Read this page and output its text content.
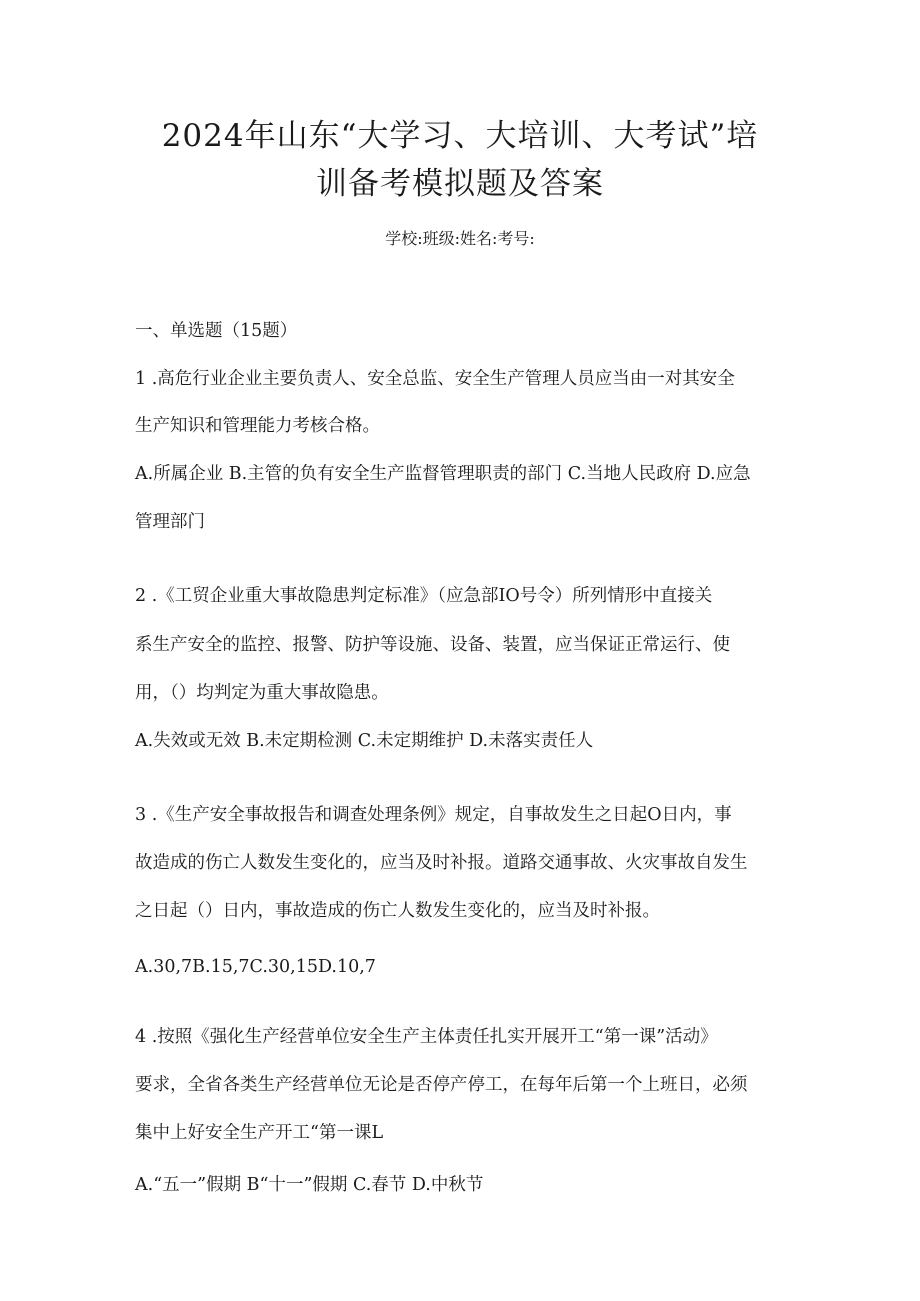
2024年山东“大学习、大培训、大考试”培
训备考模拟题及答案
学校:班级:姓名:考号:
一、单选题（15题）
1 .高危行业企业主要负责人、安全总监、安全生产管理人员应当由一对其安全
生产知识和管理能力考核合格。
A.所属企业 B.主管的负有安全生产监督管理职责的部门 C.当地人民政府 D.应急
管理部门
2 .《工贸企业重大事故隐患判定标准》（应急部IO号令）所列情形中直接关
系生产安全的监控、报警、防护等设施、设备、装置，应当保证正常运行、使
用，（）均判定为重大事故隐患。
A.失效或无效 B.未定期检测 C.未定期维护 D.未落实责任人
3 .《生产安全事故报告和调查处理条例》规定，自事故发生之日起O日内，事
故造成的伤亡人数发生变化的，应当及时补报。道路交通事故、火灾事故自发生
之日起（）日内，事故造成的伤亡人数发生变化的，应当及时补报。
A.30,7B.15,7C.30,15D.10,7
4 .按照《强化生产经营单位安全生产主体责任扎实开展开工“第一课”活动》
要求，全省各类生产经营单位无论是否停产停工，在每年后第一个上班日，必须
集中上好安全生产开工“第一课L
A.“五一”假期 B“十一”假期 C.春节 D.中秋节
